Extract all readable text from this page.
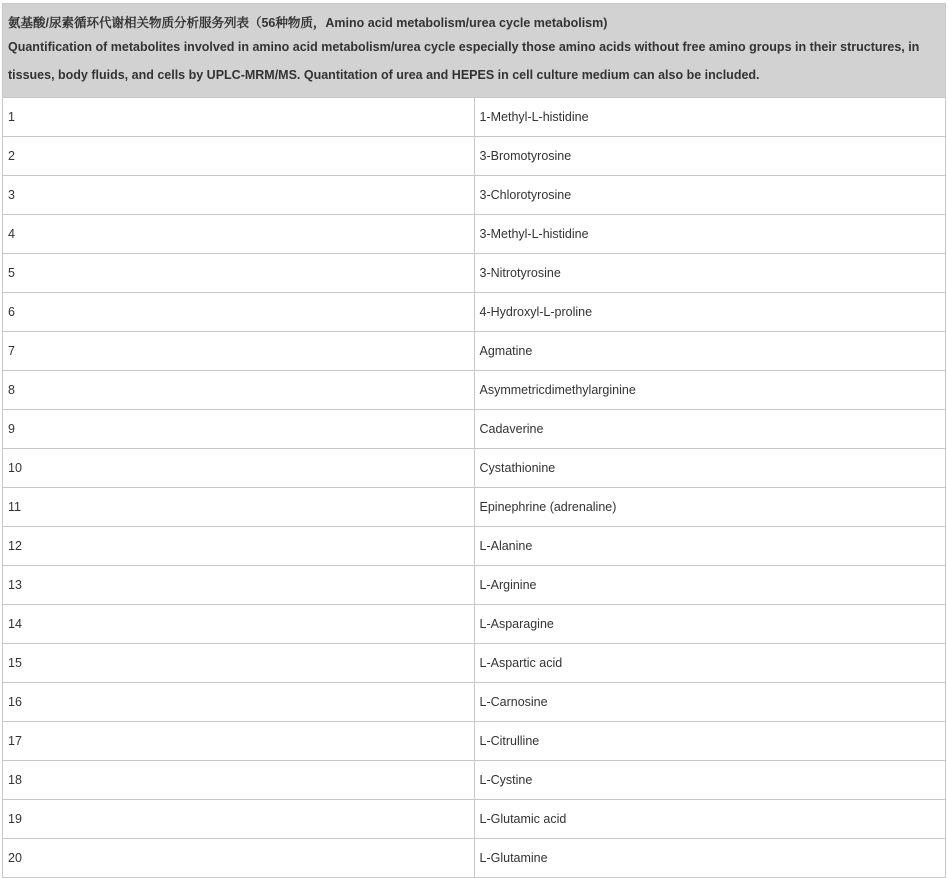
氨基酸/尿素循环代谢相关物质分析服务列表（56种物质，Amino acid metabolism/urea cycle metabolism)
Quantification of metabolites involved in amino acid metabolism/urea cycle especially those amino acids without free amino groups in their structures, in tissues, body fluids, and cells by UPLC-MRM/MS. Quantitation of urea and HEPES in cell culture medium can also be included.	

1	1-Methyl-L-histidine
2	3-Bromotyrosine
3	3-Chlorotyrosine
4	3-Methyl-L-histidine
5	3-Nitrotyrosine
6	4-Hydroxyl-L-proline
7	Agmatine
8	Asymmetricdimethylarginine
9	Cadaverine
10	Cystathionine
11	Epinephrine (adrenaline)
12	L-Alanine
13	L-Arginine
14	L-Asparagine
15	L-Aspartic acid
16	L-Carnosine
17	L-Citrulline
18	L-Cystine
19	L-Glutamic acid
20	L-Glutamine
